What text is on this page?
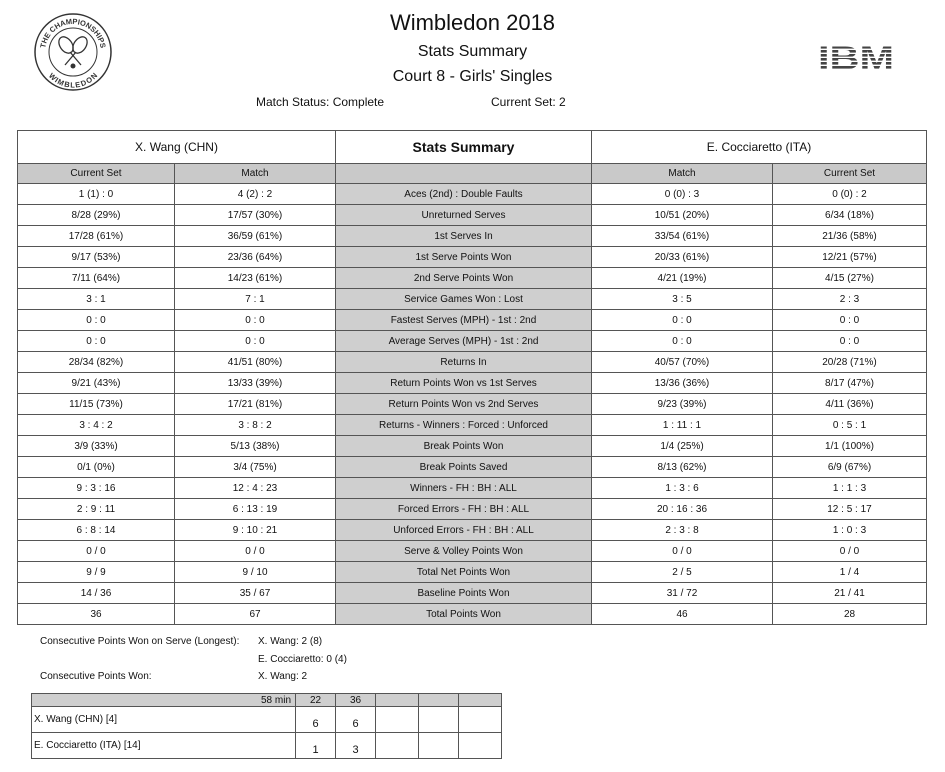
THE CHAMPIONSHIPS
WIMBLEDON
IBM
Wimbledon 2018
Stats Summary
Court 8 - Girls' Singles
Match Status: Complete	Current Set: 2
X. Wang (CHN)		Stats Summary	E. Cocciaretto (ITA)	
Current Set	Match		Match	Current Set
1 (1) : 0	4 (2) : 2	Aces (2nd) : Double Faults	0 (0) : 3	0 (0) : 2
8/28 (29%)	17/57 (30%)	Unreturned Serves	10/51 (20%)	6/34 (18%)
17/28 (61%)	36/59 (61%)	1st Serves In	33/54 (61%)	21/36 (58%)
9/17 (53%)	23/36 (64%)	1st Serve Points Won	20/33 (61%)	12/21 (57%)
7/11 (64%)	14/23 (61%)	2nd Serve Points Won	4/21 (19%)	4/15 (27%)
3 : 1	7 : 1	Service Games Won : Lost	3 : 5	2 : 3
0 : 0	0 : 0	Fastest Serves (MPH) - 1st : 2nd	0 : 0	0 : 0
0 : 0	0 : 0	Average Serves (MPH) - 1st : 2nd	0 : 0	0 : 0
28/34 (82%)	41/51 (80%)	Returns In	40/57 (70%)	20/28 (71%)
9/21 (43%)	13/33 (39%)	Return Points Won vs 1st Serves	13/36 (36%)	8/17 (47%)
11/15 (73%)	17/21 (81%)	Return Points Won vs 2nd Serves	9/23 (39%)	4/11 (36%)
3 : 4 : 2	3 : 8 : 2	Returns - Winners : Forced : Unforced	1 : 11 : 1	0 : 5 : 1
3/9 (33%)	5/13 (38%)	Break Points Won	1/4 (25%)	1/1 (100%)
0/1 (0%)	3/4 (75%)	Break Points Saved	8/13 (62%)	6/9 (67%)
9 : 3 : 16	12 : 4 : 23	Winners - FH : BH : ALL	1 : 3 : 6	1 : 1 : 3
2 : 9 : 11	6 : 13 : 19	Forced Errors - FH : BH : ALL	20 : 16 : 36	12 : 5 : 17
6 : 8 : 14	9 : 10 : 21	Unforced Errors - FH : BH : ALL	2 : 3 : 8	1 : 0 : 3
0 / 0	0 / 0	Serve & Volley Points Won	0 / 0	0 / 0
9 / 9	9 / 10	Total Net Points Won	2 / 5	1 / 4
14 / 36	35 / 67	Baseline Points Won	31 / 72	21 / 41
36	67	Total Points Won	46	28
Consecutive Points Won on Serve (Longest): X. Wang: 2 (8)
E. Cocciaretto: 0 (4)
Consecutive Points Won:	X. Wang: 2
58 min	22	36			
X. Wang (CHN) [4]	6	6			
E. Cocciaretto (ITA) [14]	1	3			
